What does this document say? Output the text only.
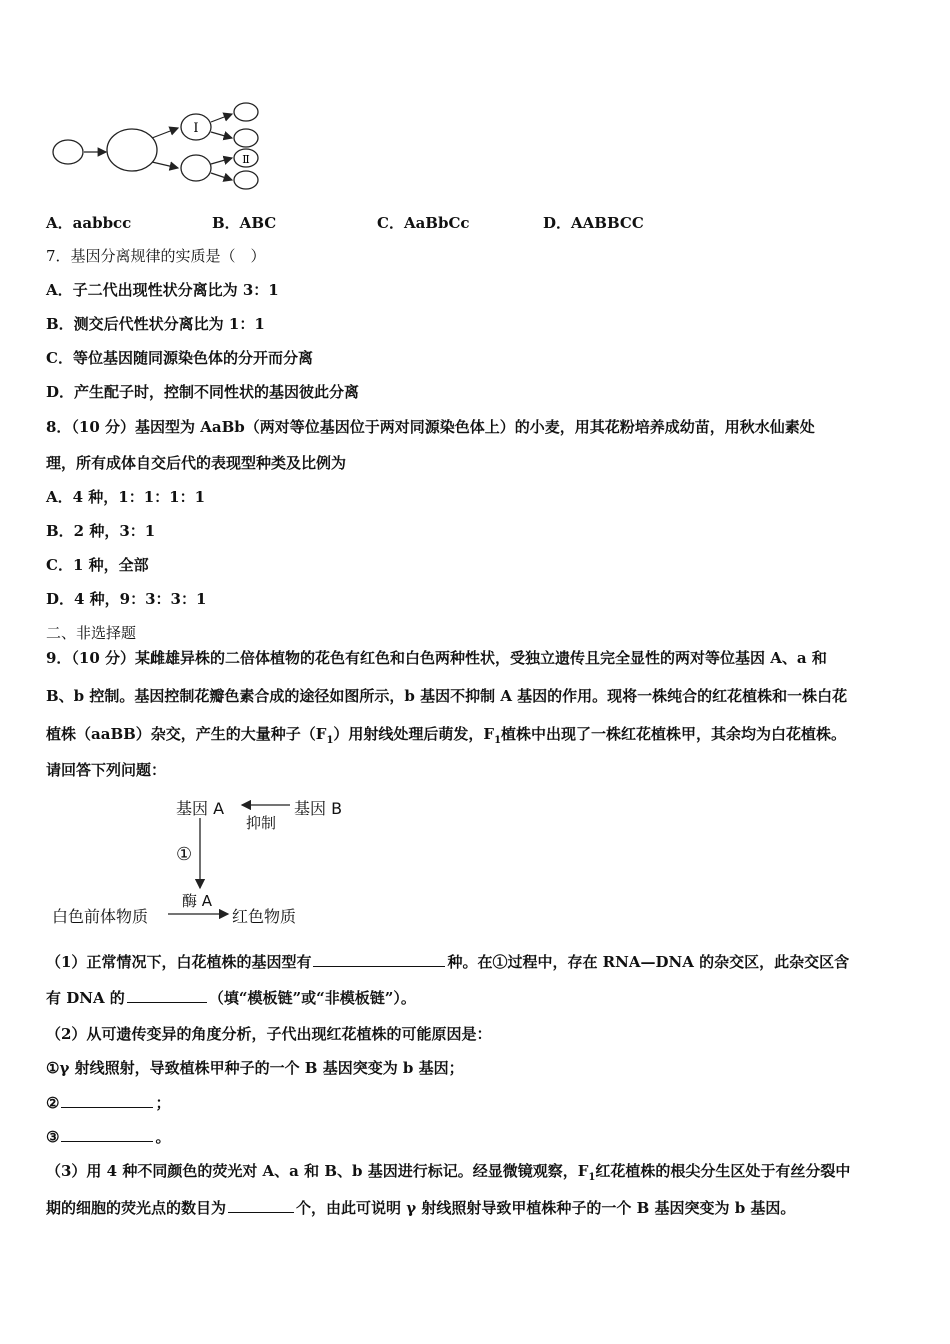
Ⅰ
Ⅱ
A．aabbcc	B．ABC	C．AaBbCc	D．AABBCC
7．基因分离规律的实质是（　）
A．子二代出现性状分离比为 3：1
B．测交后代性状分离比为 1：1
C．等位基因随同源染色体的分开而分离
D．产生配子时，控制不同性状的基因彼此分离
8．（10 分）基因型为 AaBb（两对等位基因位于两对同源染色体上）的小麦，用其花粉培养成幼苗，用秋水仙素处
理，所有成体自交后代的表现型种类及比例为
A．4 种，1：1：1：1
B．2 种，3：1
C．1 种，全部
D．4 种，9：3：3：1
二、非选择题
9．（10 分）某雌雄异株的二倍体植物的花色有红色和白色两种性状，受独立遗传且完全显性的两对等位基因 A、a 和
B、b 控制。基因控制花瓣色素合成的途径如图所示，b 基因不抑制 A 基因的作用。现将一株纯合的红花植株和一株白花
植株（aaBB）杂交，产生的大量种子$(F_1)$用射线处理后萌发，$F_1$植株中出现了一株红花植株甲，其余均为白花植株。
请回答下列问题：
基因 A	基因 B
抑制
①
酶 A
白色前体物质	红色物质
（1）正常情况下，白花植株的基因型有	种。在①过程中，存在 RNA—DNA 的杂交区，此杂交区含
有 DNA 的	（填“模板链”或“非模板链”）。
（2）从可遗传变异的角度分析，子代出现红花植株的可能原因是：
①γ 射线照射，导致植株甲种子的一个 B 基因突变为 b 基因；
②	；
③	。
（3）用 4 种不同颜色的荧光对 A、a 和 B、b 基因进行标记。经显微镜观察，$F_1$红花植株的根尖分生区处于有丝分裂中
期的细胞的荧光点的数目为	个，由此可说明 γ 射线照射导致甲植株种子的一个 B 基因突变为 b 基因。
